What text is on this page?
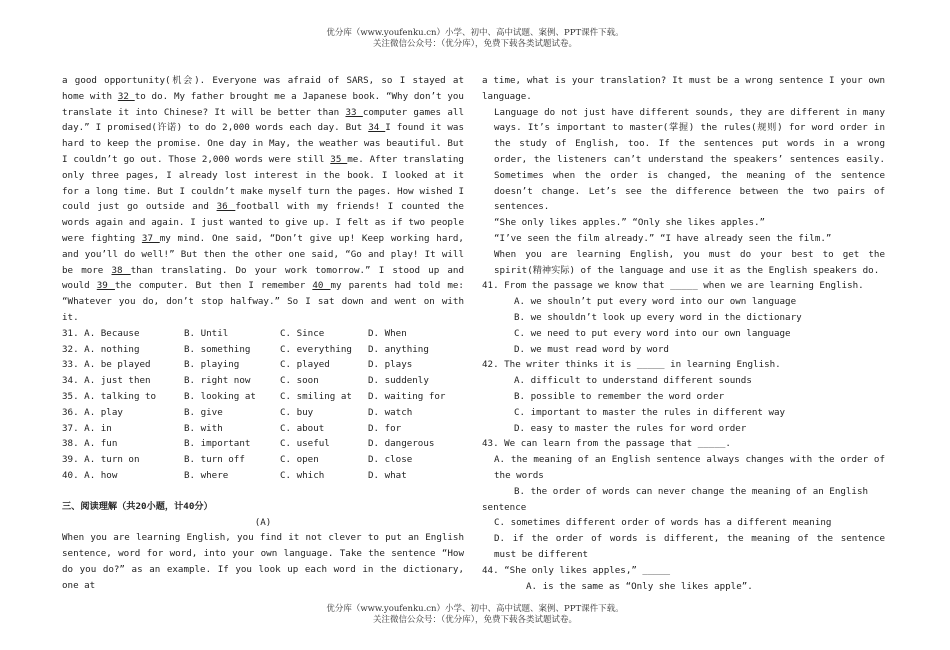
优分库（www.youfenku.cn）小学、初中、高中试题、案例、PPT课件下载。
关注微信公众号：（优分库），免费下载各类试题试卷。

a good opportunity(机会). Everyone was afraid of SARS, so I stayed at home with 32 to do. My father brought me a Japanese book. “Why don’t you translate it into Chinese? It will be better than 33 computer games all day.” I promised(许诺) to do 2,000 words each day. But 34 I found it was hard to keep the promise. One day in May, the weather was beautiful. But I couldn’t go out. Those 2,000 words were still 35 me. After translating only three pages, I already lost interest in the book. I looked at it for a long time. But I couldn’t make myself turn the pages. How wished I could just go outside and 36 football with my friends! I counted the words again and again. I just wanted to give up. I felt as if two people were fighting 37 my mind. One said, “Don’t give up! Keep working hard, and you’ll do well!” But then the other one said, “Go and play! It will be more 38 than translating. Do your work tomorrow.” I stood up and would 39 the computer. But then I remember 40 my parents had told me: “Whatever you do, don’t stop halfway.” So I sat down and went on with it.

31. A. Because	B. Until	C. Since	D. When
32. A. nothing	B. something	C. everything	D. anything
33. A. be played	B. playing	C. played	D. plays
34. A. just then	B. right now	C. soon	D. suddenly
35. A. talking to	B. looking at	C. smiling at	D. waiting for
36. A. play	B. give	C. buy	D. watch
37. A. in	B. with	C. about	D. for
38. A. fun	B. important	C. useful	D. dangerous
39. A. turn on	B. turn off	C. open	D. close
40. A. how	B. where	C. which	D. what

三、阅读理解（共20小题，计40分）

(A)

When you are learning English, you find it not clever to put an English sentence, word for word, into your own language. Take the sentence “How do you do?” as an example. If you look up each word in the dictionary, one at

a time, what is your translation? It must be a wrong sentence I your own language.

Language do not just have different sounds, they are different in many ways. It’s important to master(掌握) the rules(规则) for word order in the study of English, too. If the sentences put words in a wrong order, the listeners can’t understand the speakers’ sentences easily. Sometimes when the order is changed, the meaning of the sentence doesn’t change. Let’s see the difference between the two pairs of sentences.

“She only likes apples.” “Only she likes apples.”

“I’ve seen the film already.” “I have already seen the film.”

When you are learning English, you must do your best to get the spirit(精神实际) of the language and use it as the English speakers do.

41. From the passage we know that _____ when we are learning English.

A. we shouln’t put every word into our own language

B. we shouldn’t look up every word in the dictionary

C. we need to put every word into our own language

D. we must read word by word

42. The writer thinks it is _____ in learning English.

A. difficult to understand different sounds

B. possible to remember the word order

C. important to master the rules in different way

D. easy to master the rules for word order

43. We can learn from the passage that _____.

A. the meaning of an English sentence always changes with the order of the words

B. the order of words can never change the meaning of an English

sentence

C. sometimes different order of words has a different meaning

D. if the order of words is different, the meaning of the sentence must be different

44. “She only likes apples,” _____

A. is the same as “Only she likes apple”.

优分库（www.youfenku.cn）小学、初中、高中试题、案例、PPT课件下载。
关注微信公众号：（优分库），免费下载各类试题试卷。
